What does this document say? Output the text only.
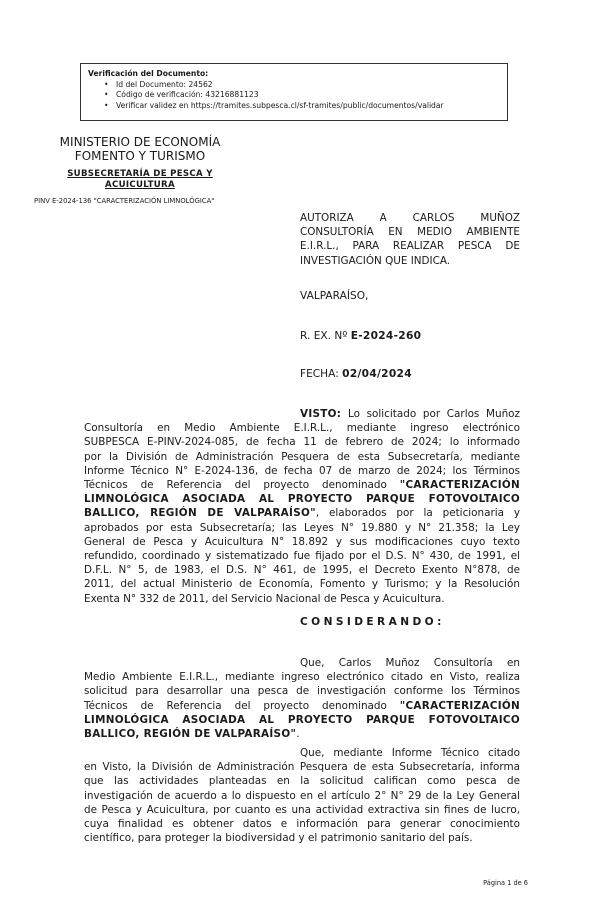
Verificación del Documento:
• Id del Documento: 24562
• Código de verificación: 43216881123
• Verificar validez en https://tramites.subpesca.cl/sf-tramites/public/documentos/validar
MINISTERIO DE ECONOMÍA
FOMENTO Y TURISMO
SUBSECRETARÍA DE PESCA Y
ACUICULTURA
PINV E-2024-136 "CARACTERIZACIÓN LIMNOLÓGICA"
AUTORIZA A CARLOS MUÑOZ
CONSULTORÍA EN MEDIO AMBIENTE
E.I.R.L., PARA REALIZAR PESCA DE
INVESTIGACIÓN QUE INDICA.
VALPARAÍSO,
R. EX. Nº E-2024-260
FECHA: 02/04/2024
VISTO: Lo solicitado por Carlos Muñoz
Consultoría en Medio Ambiente E.I.R.L., mediante ingreso electrónico
SUBPESCA E-PINV-2024-085, de fecha 11 de febrero de 2024; lo informado
por la División de Administración Pesquera de esta Subsecretaría, mediante
Informe Técnico N° E-2024-136, de fecha 07 de marzo de 2024; los Términos
Técnicos de Referencia del proyecto denominado "CARACTERIZACIÓN
LIMNOLÓGICA ASOCIADA AL PROYECTO PARQUE FOTOVOLTAICO
BALLICO, REGIÓN DE VALPARAÍSO", elaborados por la peticionaria y
aprobados por esta Subsecretaría; las Leyes N° 19.880 y N° 21.358; la Ley
General de Pesca y Acuicultura N° 18.892 y sus modificaciones cuyo texto
refundido, coordinado y sistematizado fue fijado por el D.S. N° 430, de 1991, el
D.F.L. N° 5, de 1983, el D.S. N° 461, de 1995, el Decreto Exento N°878, de
2011, del actual Ministerio de Economía, Fomento y Turismo; y la Resolución
Exenta N° 332 de 2011, del Servicio Nacional de Pesca y Acuicultura.
CONSIDERANDO:
Que, Carlos Muñoz Consultoría en
Medio Ambiente E.I.R.L., mediante ingreso electrónico citado en Visto, realiza
solicitud para desarrollar una pesca de investigación conforme los Términos
Técnicos de Referencia del proyecto denominado "CARACTERIZACIÓN
LIMNOLÓGICA ASOCIADA AL PROYECTO PARQUE FOTOVOLTAICO
BALLICO, REGIÓN DE VALPARAÍSO".
Que, mediante Informe Técnico citado
en Visto, la División de Administración Pesquera de esta Subsecretaría, informa
que las actividades planteadas en la solicitud califican como pesca de
investigación de acuerdo a lo dispuesto en el artículo 2° N° 29 de la Ley General
de Pesca y Acuicultura, por cuanto es una actividad extractiva sin fines de lucro,
cuya finalidad es obtener datos e información para generar conocimiento
científico, para proteger la biodiversidad y el patrimonio sanitario del país.
Página 1 de 6
